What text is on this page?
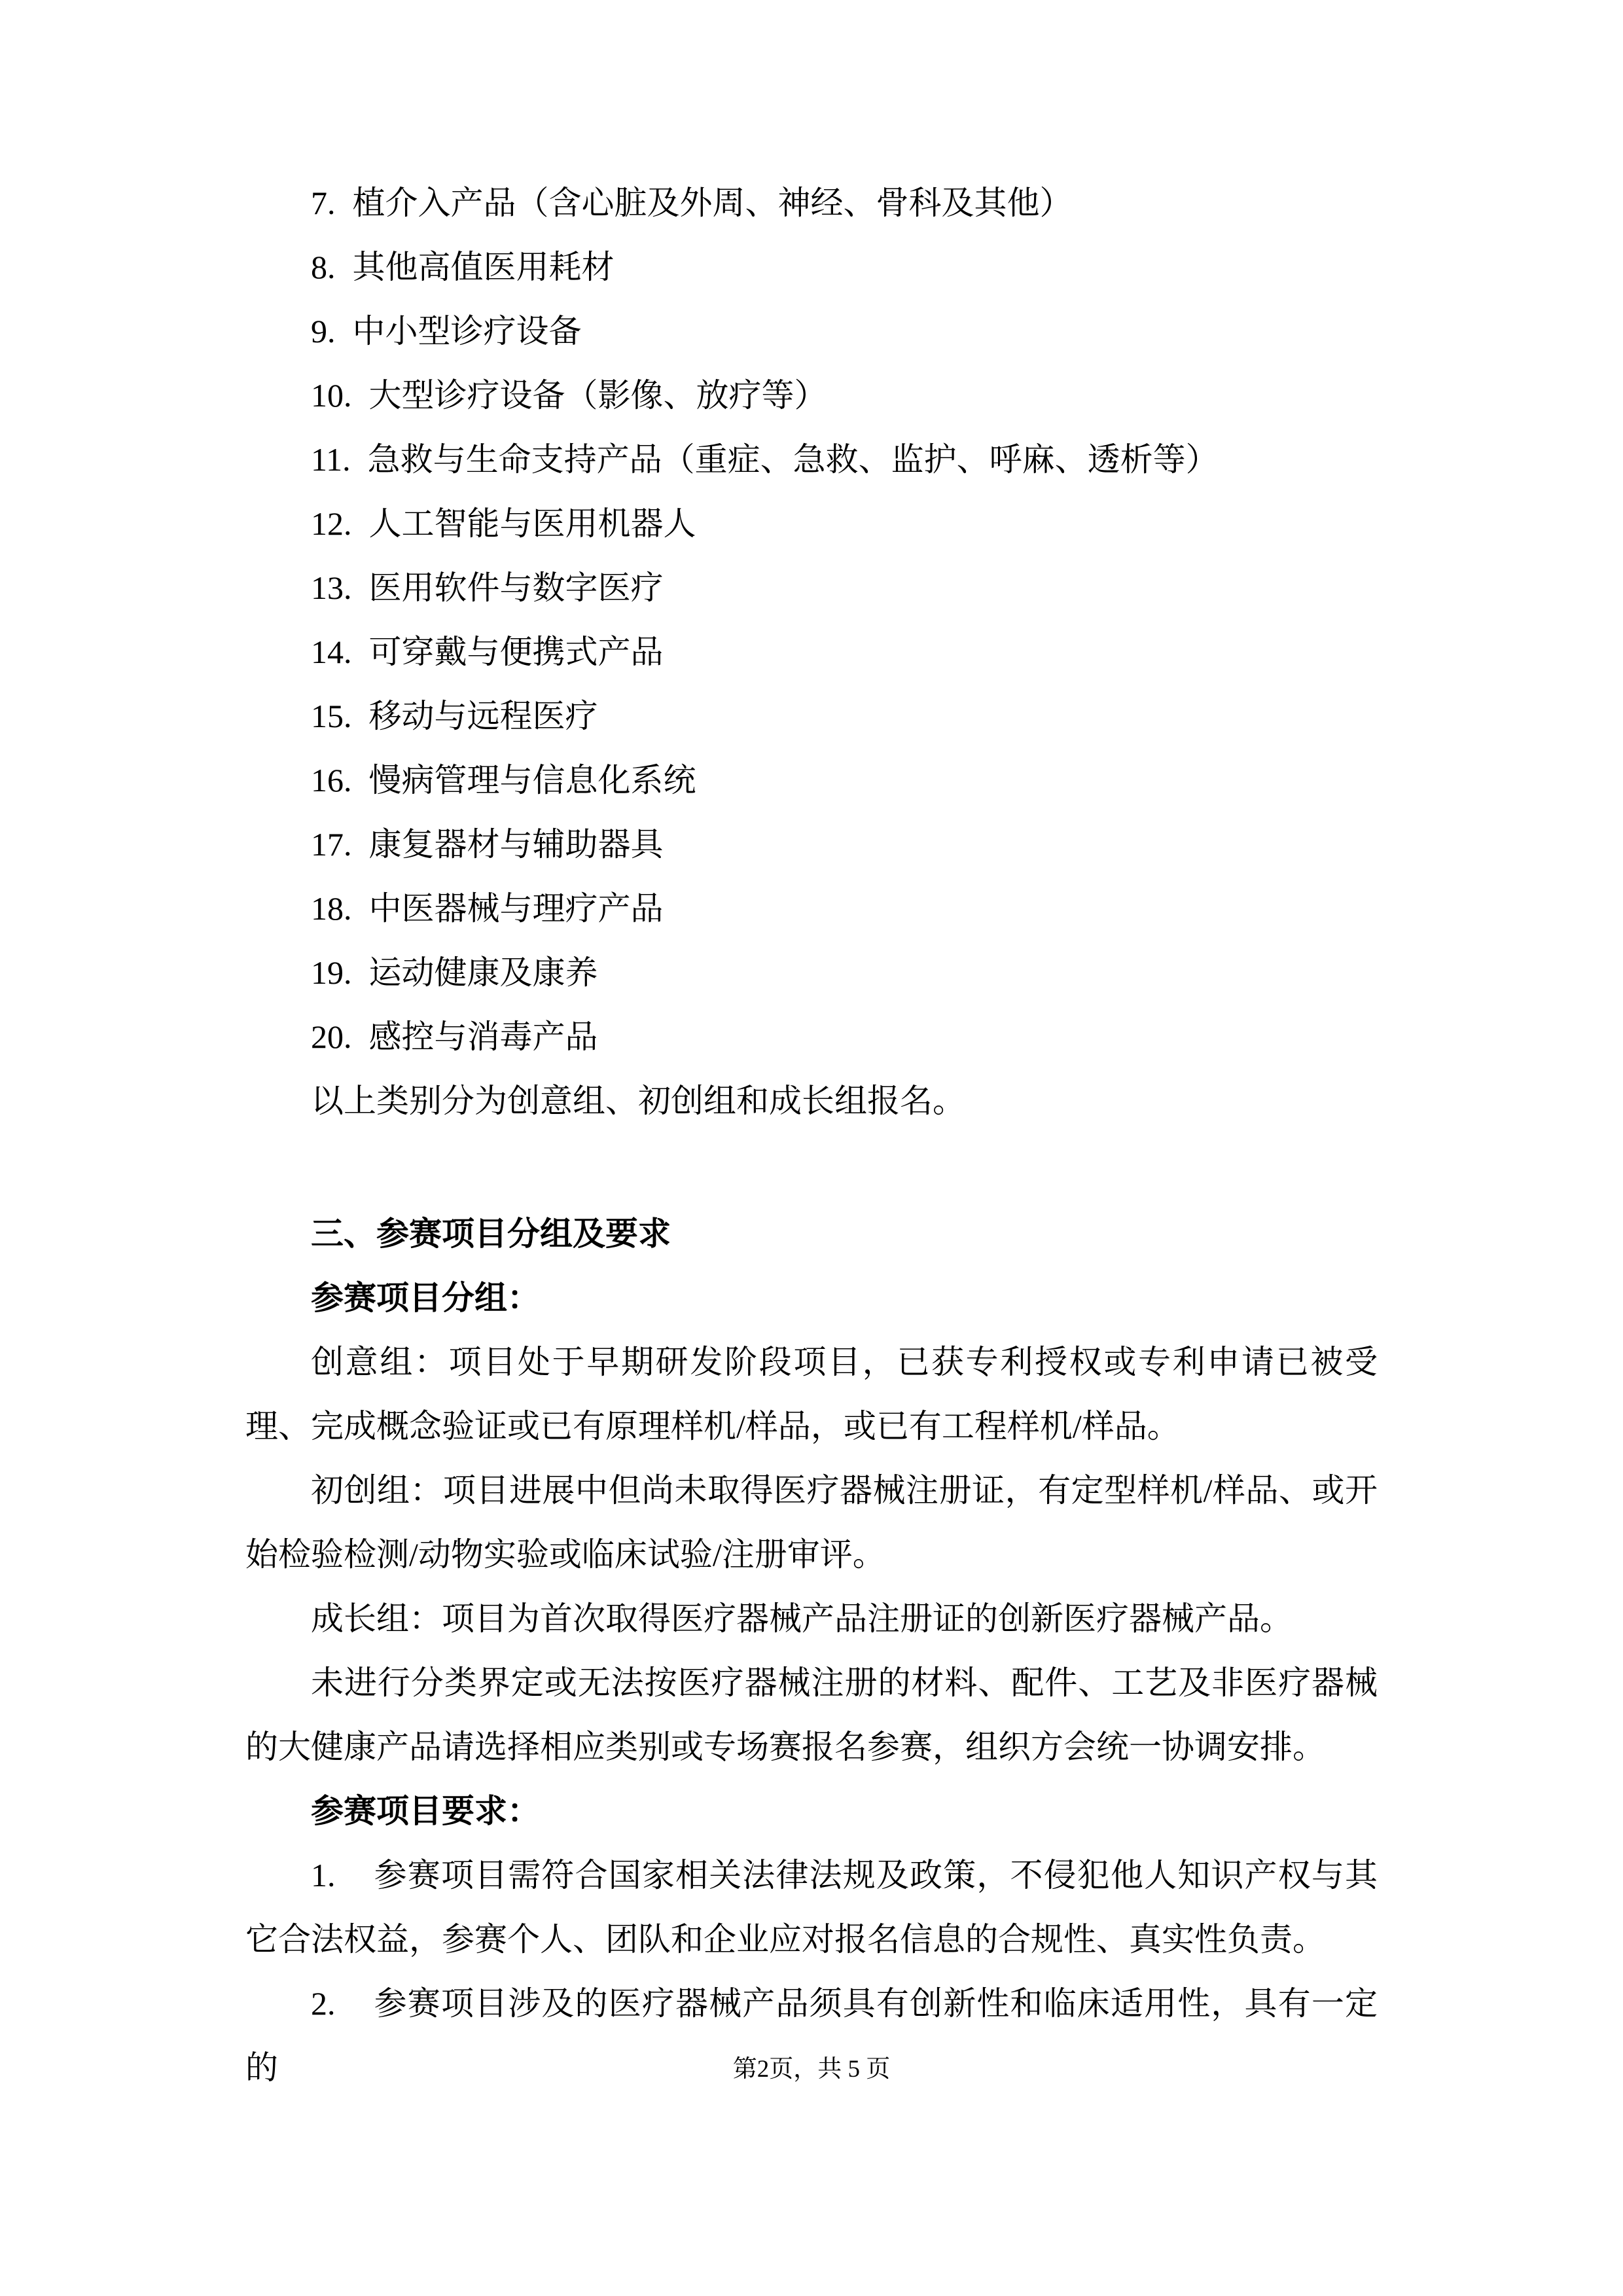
7. 植介入产品（含心脏及外周、神经、骨科及其他）
8. 其他高值医用耗材
9. 中小型诊疗设备
10. 大型诊疗设备（影像、放疗等）
11. 急救与生命支持产品（重症、急救、监护、呼麻、透析等）
12. 人工智能与医用机器人
13. 医用软件与数字医疗
14. 可穿戴与便携式产品
15. 移动与远程医疗
16. 慢病管理与信息化系统
17. 康复器材与辅助器具
18. 中医器械与理疗产品
19. 运动健康及康养
20. 感控与消毒产品
以上类别分为创意组、初创组和成长组报名。
三、参赛项目分组及要求
参赛项目分组：

创意组：项目处于早期研发阶段项目，已获专利授权或专利申请已被受理、完成概念验证或已有原理样机/样品，或已有工程样机/样品。

初创组：项目进展中但尚未取得医疗器械注册证，有定型样机/样品、或开始检验检测/动物实验或临床试验/注册审评。

成长组：项目为首次取得医疗器械产品注册证的创新医疗器械产品。

未进行分类界定或无法按医疗器械注册的材料、配件、工艺及非医疗器械的大健康产品请选择相应类别或专场赛报名参赛，组织方会统一协调安排。

参赛项目要求：

1. 参赛项目需符合国家相关法律法规及政策，不侵犯他人知识产权与其它合法权益，参赛个人、团队和企业应对报名信息的合规性、真实性负责。

2. 参赛项目涉及的医疗器械产品须具有创新性和临床适用性，具有一定的	第2页，共 5 页
